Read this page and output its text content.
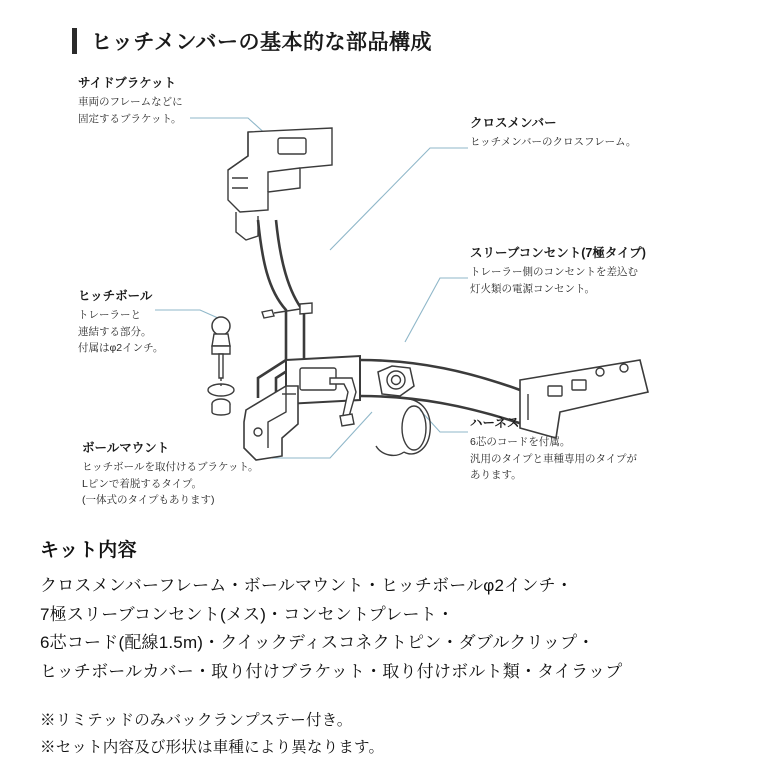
ヒッチメンバーの基本的な部品構成
サイドブラケット
車両のフレームなどに
固定するブラケット。	クロスメンバー
ヒッチメンバーのクロスフレーム。
スリーブコンセント(7極タイプ)
トレーラー側のコンセントを差込む
灯火類の電源コンセント。
ヒッチボール
トレーラーと
連結する部分。
付属はφ2インチ。
ハーネス
6芯のコードを付属。
汎用のタイプと車種専用のタイプが
あります。
ボールマウント
ヒッチボールを取付けるブラケット。
Lピンで着脱するタイプ。
(一体式のタイプもあります)
キット内容
クロスメンバーフレーム・ボールマウント・ヒッチボールφ2インチ・
7極スリーブコンセント(メス)・コンセントプレート・
6芯コード(配線1.5m)・クイックディスコネクトピン・ダブルクリップ・
ヒッチボールカバー・取り付けブラケット・取り付けボルト類・タイラップ
※リミテッドのみバックランプステー付き。
※セット内容及び形状は車種により異なります。
